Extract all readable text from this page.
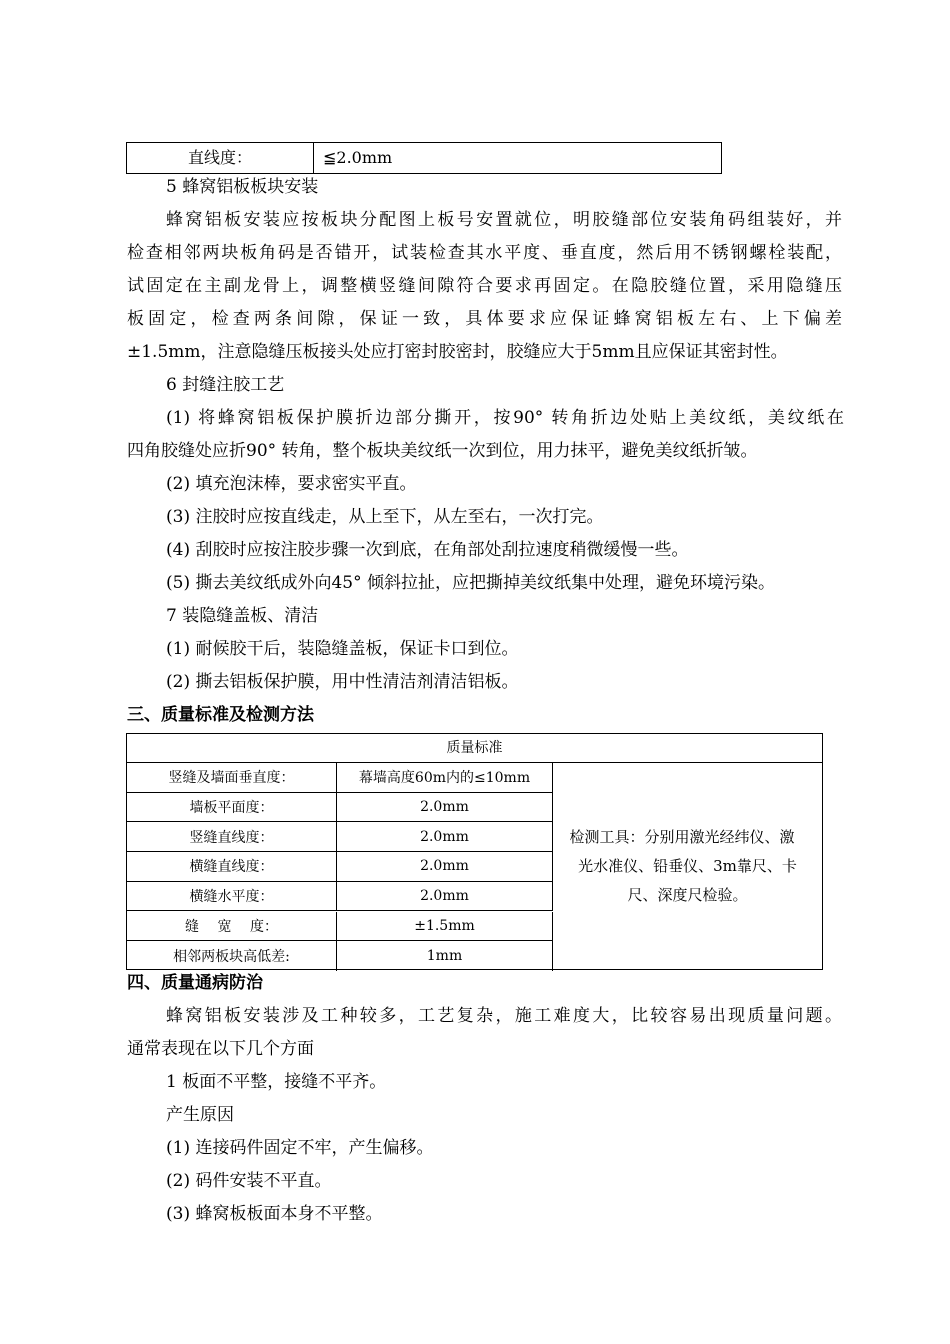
直线度：	≦2.0mm
5 蜂窝铝板板块安装
蜂窝铝板安装应按板块分配图上板号安置就位，明胶缝部位安装角码组装好，并
检查相邻两块板角码是否错开，试装检查其水平度、垂直度，然后用不锈钢螺栓装配，
试固定在主副龙骨上，调整横竖缝间隙符合要求再固定。在隐胶缝位置，采用隐缝压
板固定，检查两条间隙，保证一致，具体要求应保证蜂窝铝板左右、上下偏差
±1.5mm，注意隐缝压板接头处应打密封胶密封，胶缝应大于5mm且应保证其密封性。
6 封缝注胶工艺
(1) 将蜂窝铝板保护膜折边部分撕开，按90° 转角折边处贴上美纹纸，美纹纸在
四角胶缝处应折90° 转角，整个板块美纹纸一次到位，用力抹平，避免美纹纸折皱。
(2) 填充泡沫棒，要求密实平直。
(3) 注胶时应按直线走，从上至下，从左至右，一次打完。
(4) 刮胶时应按注胶步骤一次到底，在角部处刮拉速度稍微缓慢一些。
(5) 撕去美纹纸成外向45° 倾斜拉扯，应把撕掉美纹纸集中处理，避免环境污染。
7 装隐缝盖板、清洁
(1) 耐候胶干后，装隐缝盖板，保证卡口到位。
(2) 撕去铝板保护膜，用中性清洁剂清洁铝板。
三、质量标准及检测方法
质量标准
竖缝及墙面垂直度：	幕墙高度60m内的≤10mm
墙板平面度：	2.0mm
竖缝直线度：	2.0mm
横缝直线度：	2.0mm
横缝水平度：	2.0mm
缝　 宽　 度：	±1.5mm
相邻两板块高低差:	1mm
检测工具：分别用激光经纬仪、激
光水准仪、铅垂仪、3m靠尺、卡
尺、深度尺检验。
四、质量通病防治
蜂窝铝板安装涉及工种较多，工艺复杂，施工难度大，比较容易出现质量问题。
通常表现在以下几个方面
1 板面不平整，接缝不平齐。
产生原因
(1) 连接码件固定不牢，产生偏移。
(2) 码件安装不平直。
(3) 蜂窝板板面本身不平整。
